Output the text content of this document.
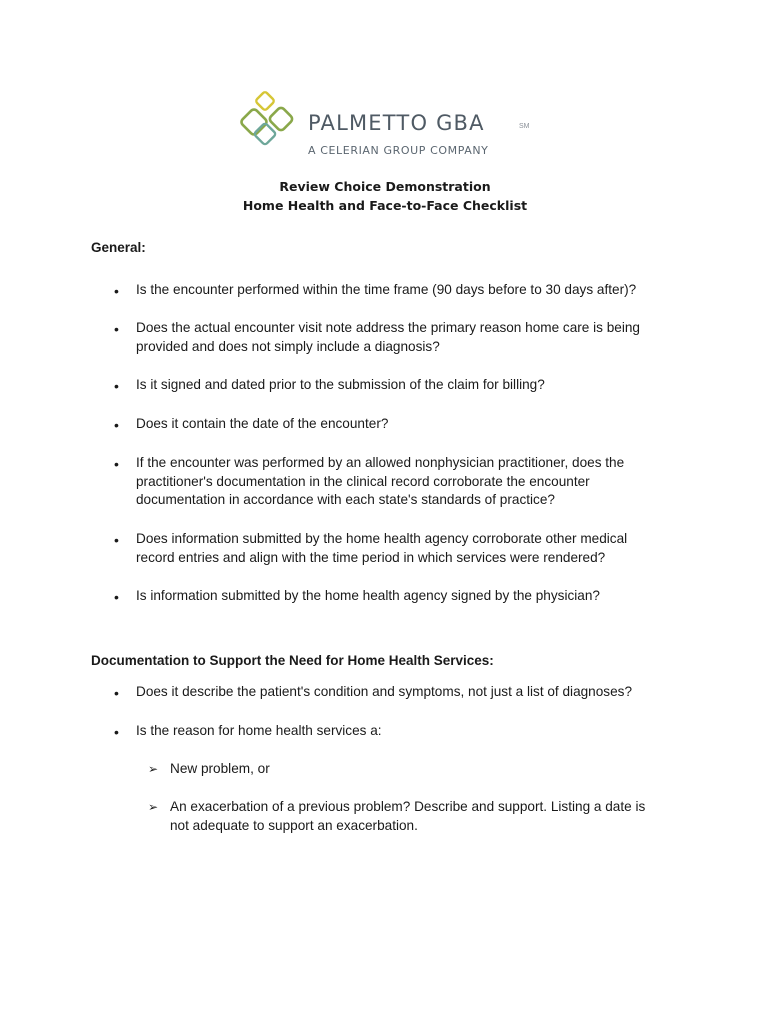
PALMETTO GBA	SM
A CELERIAN GROUP COMPANY
Review Choice Demonstration
Home Health and Face-to-Face Checklist
General:
• Is the encounter performed within the time frame (90 days before to 30 days after)?
• Does the actual encounter visit note address the primary reason home care is being provided and does not simply include a diagnosis?
• Is it signed and dated prior to the submission of the claim for billing?
• Does it contain the date of the encounter?
• If the encounter was performed by an allowed nonphysician practitioner, does the practitioner's documentation in the clinical record corroborate the encounter documentation in accordance with each state's standards of practice?
• Does information submitted by the home health agency corroborate other medical record entries and align with the time period in which services were rendered?
• Is information submitted by the home health agency signed by the physician?
Documentation to Support the Need for Home Health Services:
• Does it describe the patient's condition and symptoms, not just a list of diagnoses?
• Is the reason for home health services a:
➢ New problem, or
➢ An exacerbation of a previous problem? Describe and support. Listing a date is not adequate to support an exacerbation.
